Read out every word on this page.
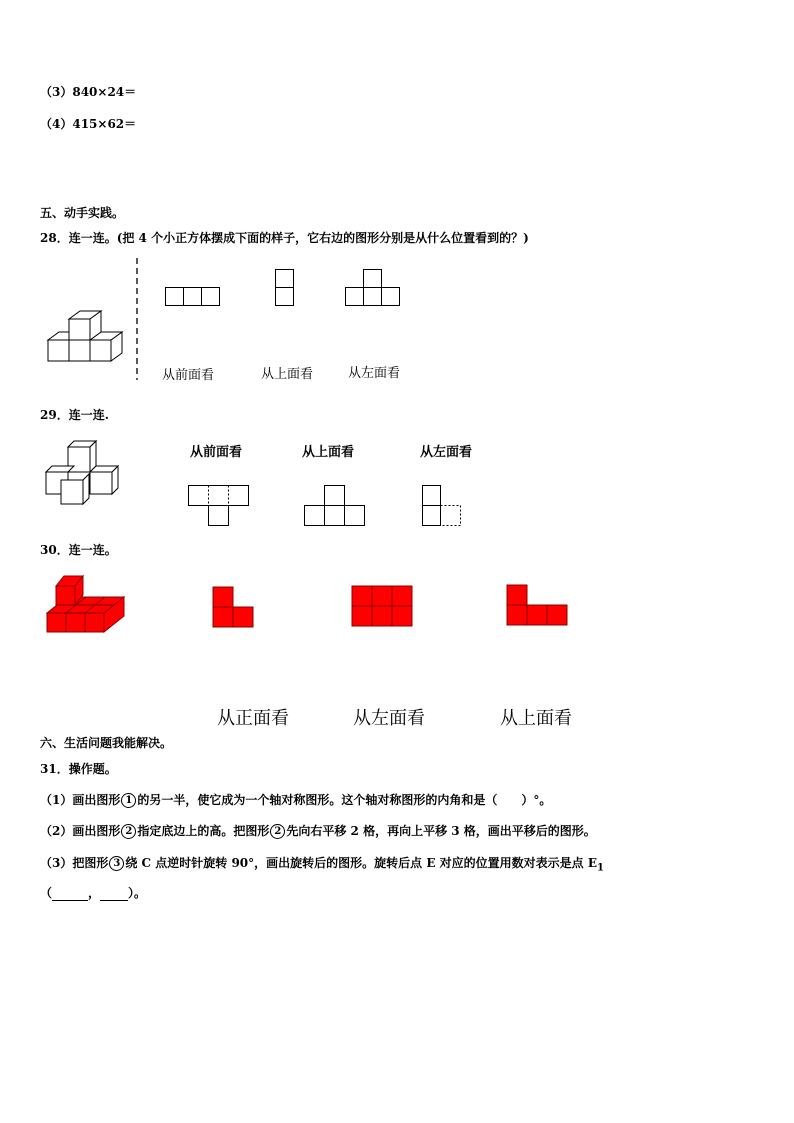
（3）840×24＝
（4）415×62＝
五、动手实践。
28．连一连。(把 4 个小正方体摆成下面的样子，它右边的图形分别是从什么位置看到的？)
从前面看	从上面看	从左面看
29．连一连.
从前面看	从上面看	从左面看
30．连一连。
从正面看	从左面看	从上面看
六、生活问题我能解决。
31．操作题。
（1）画出图形 1 的另一半，使它成为一个轴对称图形。这个轴对称图形的内角和是（　　）°。
（2）画出图形 2 指定底边上的高。把图形 2 先向右平移 2 格，再向上平移 3 格，画出平移后的图形。
（3）把图形 3 绕 C 点逆时针旋转 90°，画出旋转后的图形。旋转后点 E 对应的位置用数对表示是点 $E_1$
（	， ）。
